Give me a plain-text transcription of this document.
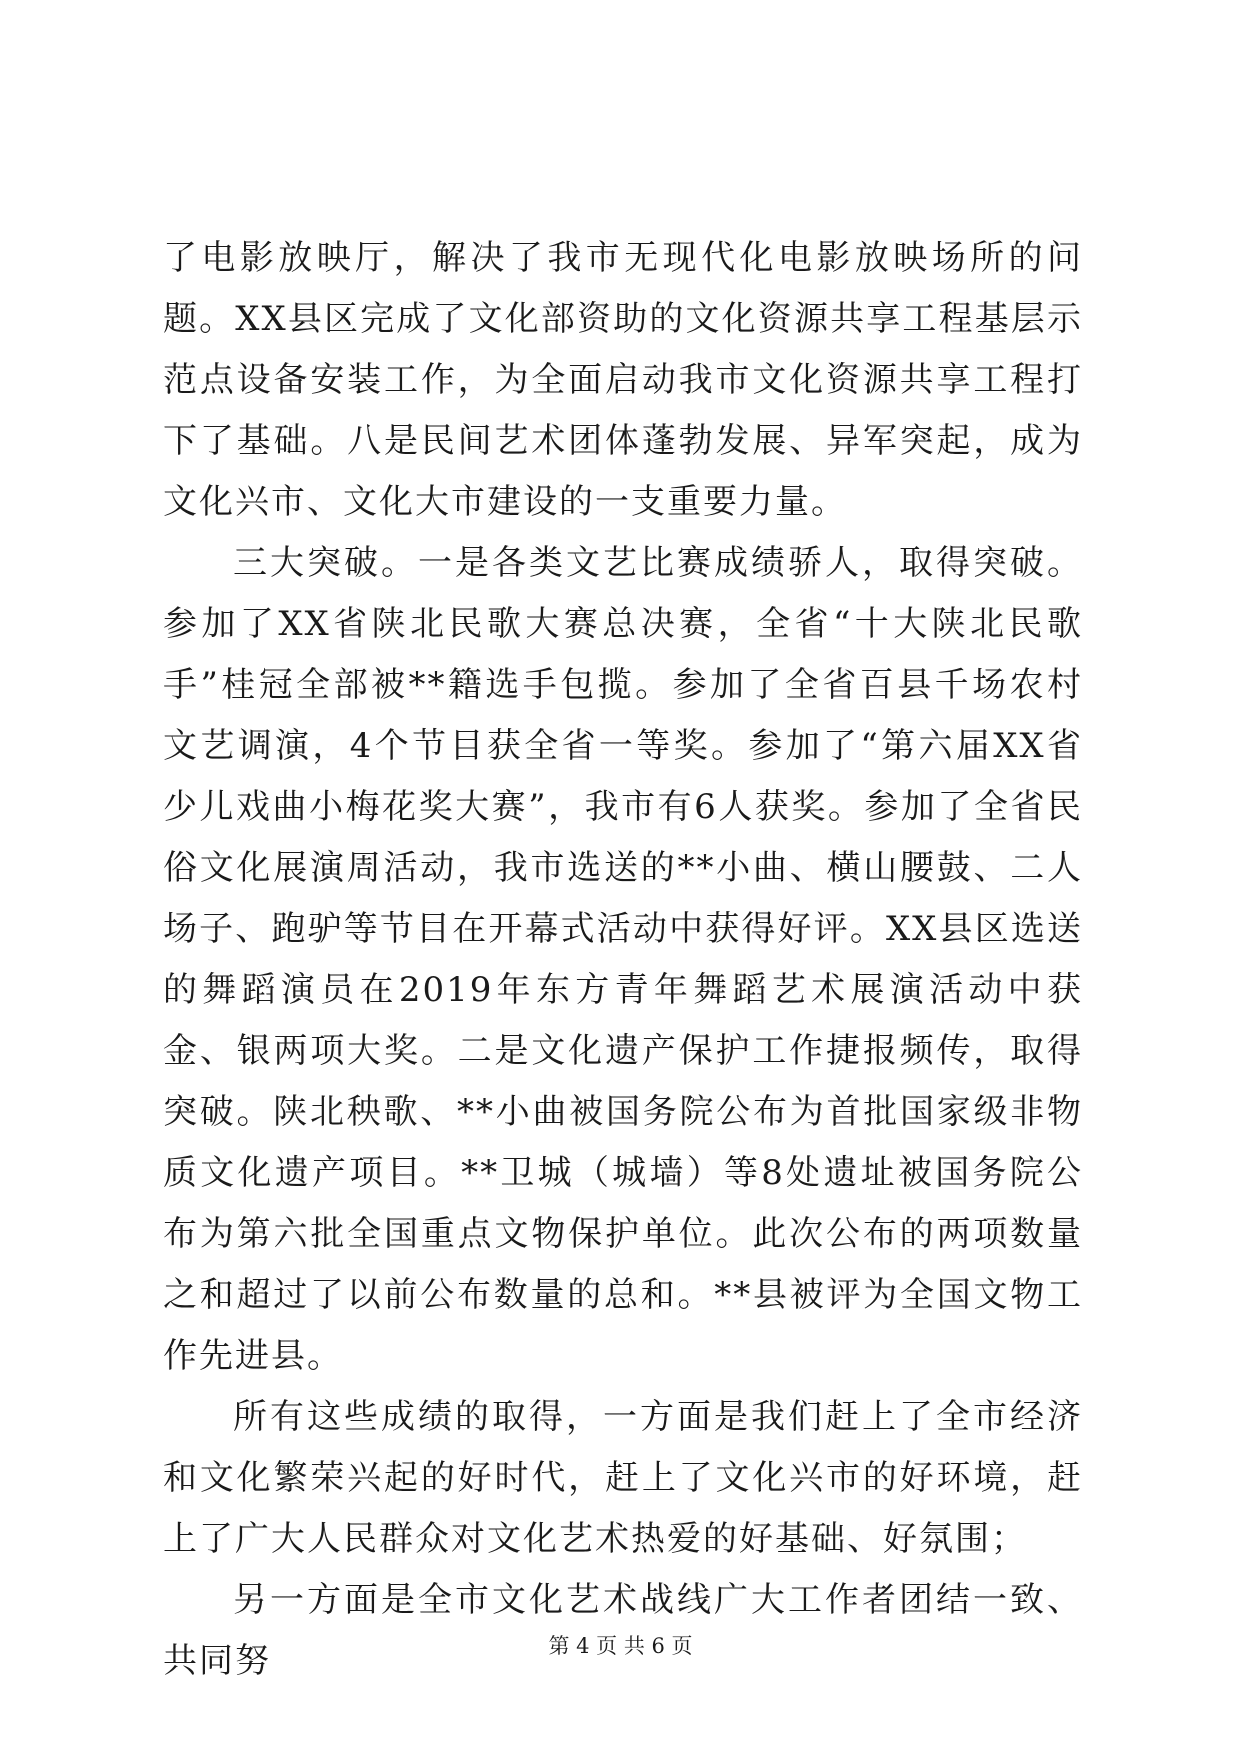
了电影放映厅，解决了我市无现代化电影放映场所的问题。XX县区完成了文化部资助的文化资源共享工程基层示范点设备安装工作，为全面启动我市文化资源共享工程打下了基础。八是民间艺术团体蓬勃发展、异军突起，成为文化兴市、文化大市建设的一支重要力量。

三大突破。一是各类文艺比赛成绩骄人，取得突破。参加了XX省陕北民歌大赛总决赛，全省“十大陕北民歌手”桂冠全部被**籍选手包揽。参加了全省百县千场农村文艺调演，4个节目获全省一等奖。参加了“第六届XX省少儿戏曲小梅花奖大赛”，我市有6人获奖。参加了全省民俗文化展演周活动，我市选送的**小曲、横山腰鼓、二人场子、跑驴等节目在开幕式活动中获得好评。XX县区选送的舞蹈演员在2019年东方青年舞蹈艺术展演活动中获金、银两项大奖。二是文化遗产保护工作捷报频传，取得突破。陕北秧歌、**小曲被国务院公布为首批国家级非物质文化遗产项目。**卫城（城墙）等8处遗址被国务院公布为第六批全国重点文物保护单位。此次公布的两项数量之和超过了以前公布数量的总和。**县被评为全国文物工作先进县。

所有这些成绩的取得，一方面是我们赶上了全市经济和文化繁荣兴起的好时代，赶上了文化兴市的好环境，赶上了广大人民群众对文化艺术热爱的好基础、好氛围；

另一方面是全市文化艺术战线广大工作者团结一致、共同努	第 4 页 共 6 页
